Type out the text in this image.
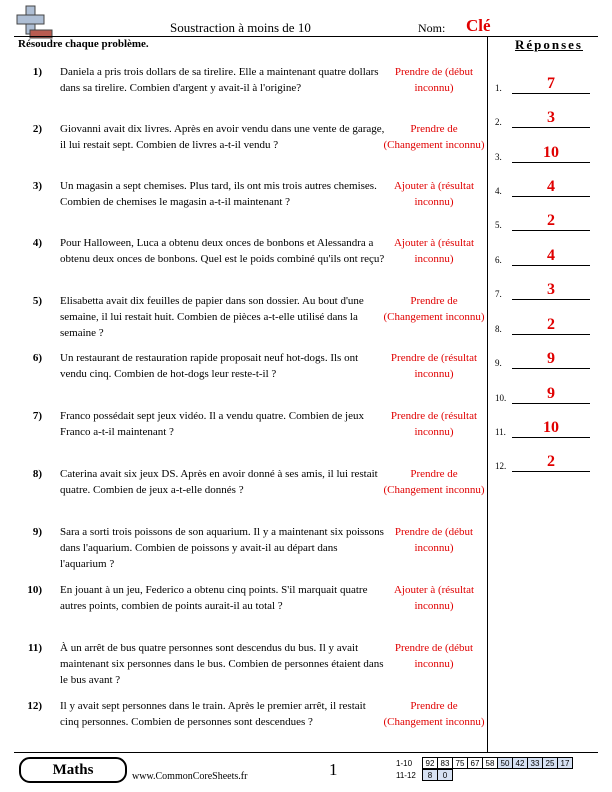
Soustraction à moins de 10	Nom: Clé
Résoudre chaque problème.	Réponses
1) Daniela a pris trois dollars de sa tirelire. Elle a maintenant quatre dollars dans sa tirelire. Combien d'argent y avait-il à l'origine?
Prendre de (début inconnu)
2) Giovanni avait dix livres. Après en avoir vendu dans une vente de garage, il lui restait sept. Combien de livres a-t-il vendu ?
Prendre de (Changement inconnu)
3) Un magasin a sept chemises. Plus tard, ils ont mis trois autres chemises. Combien de chemises le magasin a-t-il maintenant ?
Ajouter à (résultat inconnu)
4) Pour Halloween, Luca a obtenu deux onces de bonbons et Alessandra a obtenu deux onces de bonbons. Quel est le poids combiné qu'ils ont reçu?
Ajouter à (résultat inconnu)
5) Elisabetta avait dix feuilles de papier dans son dossier. Au bout d'une semaine, il lui restait huit. Combien de pièces a-t-elle utilisé dans la semaine ?
Prendre de (Changement inconnu)
6) Un restaurant de restauration rapide proposait neuf hot-dogs. Ils ont vendu cinq. Combien de hot-dogs leur reste-t-il ?
Prendre de (résultat inconnu)
7) Franco possédait sept jeux vidéo. Il a vendu quatre. Combien de jeux Franco a-t-il maintenant ?
Prendre de (résultat inconnu)
8) Caterina avait six jeux DS. Après en avoir donné à ses amis, il lui restait quatre. Combien de jeux a-t-elle donnés ?
Prendre de (Changement inconnu)
9) Sara a sorti trois poissons de son aquarium. Il y a maintenant six poissons dans l'aquarium. Combien de poissons y avait-il au départ dans l'aquarium ?
Prendre de (début inconnu)
10) En jouant à un jeu, Federico a obtenu cinq points. S'il marquait quatre autres points, combien de points aurait-il au total ?
Ajouter à (résultat inconnu)
11) À un arrêt de bus quatre personnes sont descendus du bus. Il y avait maintenant six personnes dans le bus. Combien de personnes étaient dans le bus avant ?
Prendre de (début inconnu)
12) Il y avait sept personnes dans le train. Après le premier arrêt, il restait cinq personnes. Combien de personnes sont descendues ?
Prendre de (Changement inconnu)
1.	7
2.	3
3.	10
4.	4
5.	2
6.	4
7.	3
8.	2
9.	9
10.	9
11.	10
12.	2
Maths	www.CommonCoreSheets.fr	1	1-10	92	83	75	67	58	50	42	33	25	17
11-12	8	0
